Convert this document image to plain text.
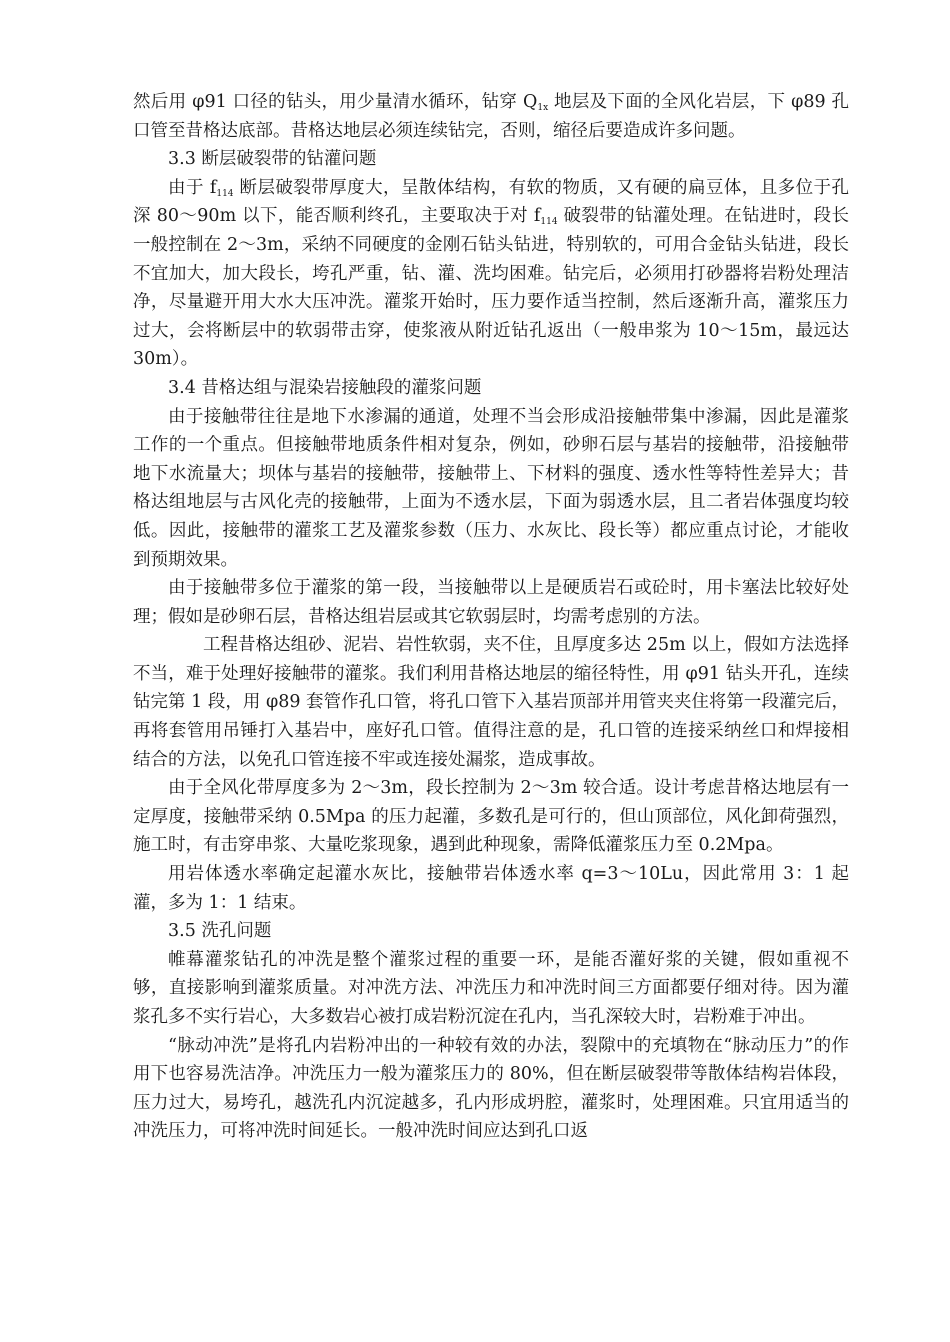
然后用 φ91 口径的钻头，用少量清水循环，钻穿 $Q_{1x}$ 地层及下面的全风化岩层，下 φ89 孔口管至昔格达底部。昔格达地层必须连续钻完，否则，缩径后要造成许多问题。

3.3 断层破裂带的钻灌问题

由于 $f_{114}$ 断层破裂带厚度大，呈散体结构，有软的物质，又有硬的扁豆体，且多位于孔深 80～90m 以下，能否顺利终孔，主要取决于对 $f_{114}$ 破裂带的钻灌处理。在钻进时，段长一般控制在 2～3m，采纳不同硬度的金刚石钻头钻进，特别软的，可用合金钻头钻进，段长不宜加大，加大段长，垮孔严重，钻、灌、洗均困难。钻完后，必须用打砂器将岩粉处理洁净，尽量避开用大水大压冲洗。灌浆开始时，压力要作适当控制，然后逐渐升高，灌浆压力过大，会将断层中的软弱带击穿，使浆液从附近钻孔返出（一般串浆为 10～15m，最远达 30m）。

3.4 昔格达组与混染岩接触段的灌浆问题

由于接触带往往是地下水渗漏的通道，处理不当会形成沿接触带集中渗漏，因此是灌浆工作的一个重点。但接触带地质条件相对复杂，例如，砂卵石层与基岩的接触带，沿接触带地下水流量大；坝体与基岩的接触带，接触带上、下材料的强度、透水性等特性差异大；昔格达组地层与古风化壳的接触带，上面为不透水层，下面为弱透水层，且二者岩体强度均较低。因此，接触带的灌浆工艺及灌浆参数（压力、水灰比、段长等）都应重点讨论，才能收到预期效果。

由于接触带多位于灌浆的第一段，当接触带以上是硬质岩石或砼时，用卡塞法比较好处理；假如是砂卵石层，昔格达组岩层或其它软弱层时，均需考虑别的方法。

工程昔格达组砂、泥岩、岩性软弱，夹不住，且厚度多达 25m 以上，假如方法选择不当，难于处理好接触带的灌浆。我们利用昔格达地层的缩径特性，用 φ91 钻头开孔，连续钻完第 1 段，用 φ89 套管作孔口管，将孔口管下入基岩顶部并用管夹夹住将第一段灌完后，再将套管用吊锤打入基岩中，座好孔口管。值得注意的是，孔口管的连接采纳丝口和焊接相结合的方法，以免孔口管连接不牢或连接处漏浆，造成事故。

由于全风化带厚度多为 2～3m，段长控制为 2～3m 较合适。设计考虑昔格达地层有一定厚度，接触带采纳 0.5Mpa 的压力起灌，多数孔是可行的，但山顶部位，风化卸荷强烈，施工时，有击穿串浆、大量吃浆现象，遇到此种现象，需降低灌浆压力至 0.2Mpa。

用岩体透水率确定起灌水灰比，接触带岩体透水率 q=3～10Lu，因此常用 3：1 起灌，多为 1：1 结束。

3.5 洗孔问题

帷幕灌浆钻孔的冲洗是整个灌浆过程的重要一环，是能否灌好浆的关键，假如重视不够，直接影响到灌浆质量。对冲洗方法、冲洗压力和冲洗时间三方面都要仔细对待。因为灌浆孔多不实行岩心，大多数岩心被打成岩粉沉淀在孔内，当孔深较大时，岩粉难于冲出。

“脉动冲洗”是将孔内岩粉冲出的一种较有效的办法，裂隙中的充填物在“脉动压力”的作用下也容易洗洁净。冲洗压力一般为灌浆压力的 80%，但在断层破裂带等散体结构岩体段，压力过大，易垮孔，越洗孔内沉淀越多，孔内形成坍腔，灌浆时，处理困难。只宜用适当的冲洗压力，可将冲洗时间延长。一般冲洗时间应达到孔口返
